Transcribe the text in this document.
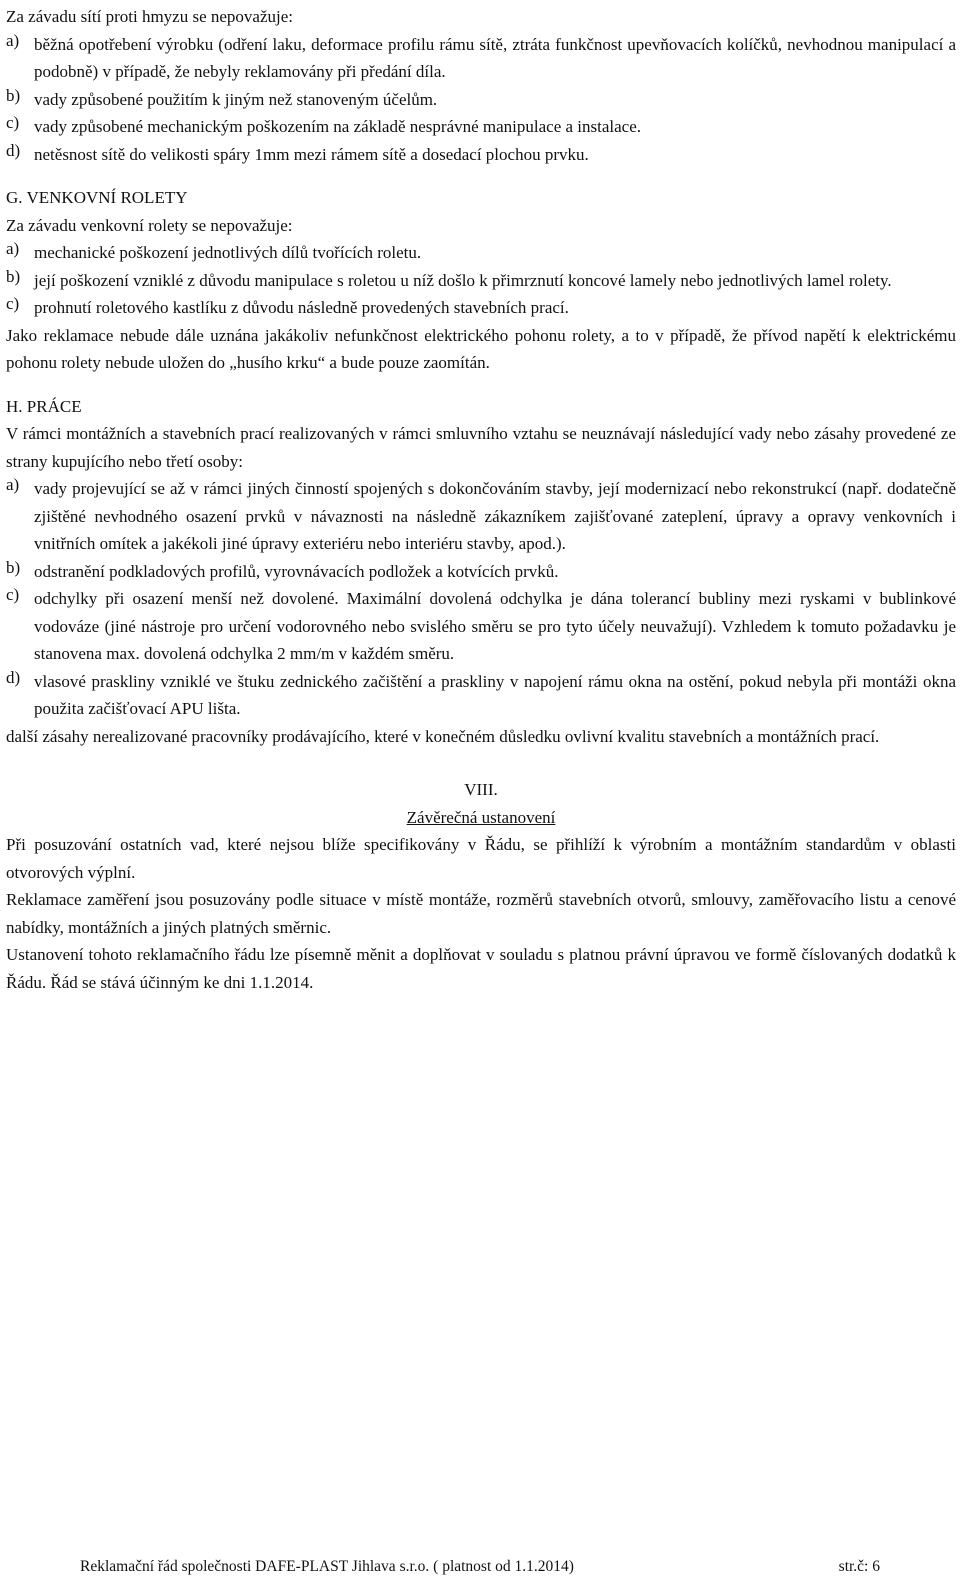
Za závadu sítí proti hmyzu se nepovažuje:

a) běžná opotřebení výrobku (odření laku, deformace profilu rámu sítě, ztráta funkčnost upevňovacích kolíčků, nevhodnou manipulací a podobně) v případě, že nebyly reklamovány při předání díla.

b) vady způsobené použitím k jiným než stanoveným účelům.

c) vady způsobené mechanickým poškozením na základě nesprávné manipulace a instalace.

d) netěsnost sítě do velikosti spáry 1mm mezi rámem sítě a dosedací plochou prvku.

G. VENKOVNÍ ROLETY

Za závadu venkovní rolety se nepovažuje:

a) mechanické poškození jednotlivých dílů tvořících roletu.

b) její poškození vzniklé z důvodu manipulace s roletou u níž došlo k přimrznutí koncové lamely nebo jednotlivých lamel rolety.

c) prohnutí roletového kastlíku z důvodu následně provedených stavebních prací.

Jako reklamace nebude dále uznána jakákoliv nefunkčnost elektrického pohonu rolety, a to v případě, že přívod napětí k elektrickému pohonu rolety nebude uložen do „husího krku“ a bude pouze zaomítán.

H. PRÁCE

V rámci montážních a stavebních prací realizovaných v rámci smluvního vztahu se neuznávají následující vady nebo zásahy provedené ze strany kupujícího nebo třetí osoby:

a) vady projevující se až v rámci jiných činností spojených s dokončováním stavby, její modernizací nebo rekonstrukcí (např. dodatečně zjištěné nevhodného osazení prvků v návaznosti na následně zákazníkem zajišťované zateplení, úpravy a opravy venkovních i vnitřních omítek a jakékoli jiné úpravy exteriéru nebo interiéru stavby, apod.).

b) odstranění podkladových profilů, vyrovnávacích podložek a kotvících prvků.

c) odchylky při osazení menší než dovolené. Maximální dovolená odchylka je dána tolerancí bubliny mezi ryskami v bublinkové vodováze (jiné nástroje pro určení vodorovného nebo svislého směru se pro tyto účely neuvažují). Vzhledem k tomuto požadavku je stanovena max. dovolená odchylka 2 mm/m v každém směru.

d) vlasové praskliny vzniklé ve štuku zednického začištění a praskliny v napojení rámu okna na ostění, pokud nebyla při montáži okna použita začišťovací APU lišta.

další zásahy nerealizované pracovníky prodávajícího, které v konečném důsledku ovlivní kvalitu stavebních a montážních prací.

VIII.

Závěrečná ustanovení

Při posuzování ostatních vad, které nejsou blíže specifikovány v Řádu, se přihlíží k výrobním a montážním standardům v oblasti otvorových výplní.

Reklamace zaměření jsou posuzovány podle situace v místě montáže, rozměrů stavebních otvorů, smlouvy, zaměřovacího listu a cenové nabídky, montážních a jiných platných směrnic.

Ustanovení tohoto reklamačního řádu lze písemně měnit a doplňovat v souladu s platnou právní úpravou ve formě číslovaných dodatků k Řádu. Řád se stává účinným ke dni 1.1.2014.

Reklamační řád společnosti DAFE-PLAST Jihlava s.r.o. ( platnost od 1.1.2014)	str.č: 6
